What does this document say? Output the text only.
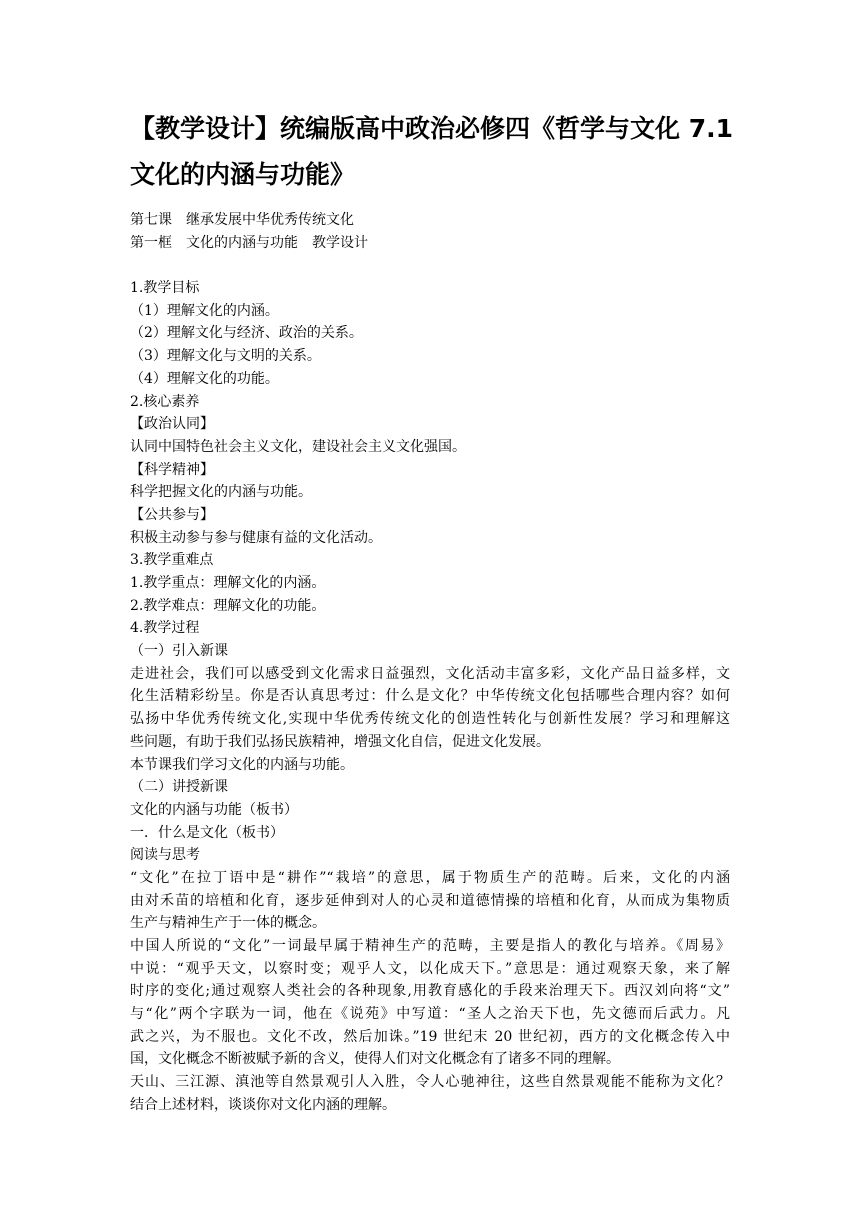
【教学设计】统编版高中政治必修四《哲学与文化 7.1
文化的内涵与功能》
第七课　继承发展中华优秀传统文化
第一框　文化的内涵与功能　教学设计
1.教学目标
（1）理解文化的内涵。
（2）理解文化与经济、政治的关系。
（3）理解文化与文明的关系。
（4）理解文化的功能。
2.核心素养
【政治认同】
认同中国特色社会主义文化，建设社会主义文化强国。
【科学精神】
科学把握文化的内涵与功能。
【公共参与】
积极主动参与参与健康有益的文化活动。
3.教学重难点
1.教学重点：理解文化的内涵。
2.教学难点：理解文化的功能。
4.教学过程
（一）引入新课
走进社会，我们可以感受到文化需求日益强烈，文化活动丰富多彩，文化产品日益多样，文
化生活精彩纷呈。你是否认真思考过：什么是文化？中华传统文化包括哪些合理内容？如何
弘扬中华优秀传统文化,实现中华优秀传统文化的创造性转化与创新性发展？学习和理解这
些问题，有助于我们弘扬民族精神，增强文化自信，促进文化发展。
本节课我们学习文化的内涵与功能。
（二）讲授新课
文化的内涵与功能（板书）
一．什么是文化（板书）
阅读与思考
“文化”在拉丁语中是“耕作”“栽培”的意思，属于物质生产的范畴。后来，文化的内涵
由对禾苗的培植和化育，逐步延伸到对人的心灵和道德情操的培植和化育，从而成为集物质
生产与精神生产于一体的概念。
中国人所说的“文化”一词最早属于精神生产的范畴，主要是指人的教化与培养。《周易》
中说：“观乎天文，以察时变；观乎人文，以化成天下。”意思是：通过观察天象，来了解
时序的变化;通过观察人类社会的各种现象,用教育感化的手段来治理天下。西汉刘向将“文”
与“化”两个字联为一词，他在《说苑》中写道：“圣人之治天下也，先文德而后武力。凡
武之兴，为不服也。文化不改，然后加诛。”19 世纪末 20 世纪初，西方的文化概念传入中
国，文化概念不断被赋予新的含义，使得人们对文化概念有了诸多不同的理解。
天山、三江源、滇池等自然景观引人入胜，令人心驰神往，这些自然景观能不能称为文化？
结合上述材料，谈谈你对文化内涵的理解。
